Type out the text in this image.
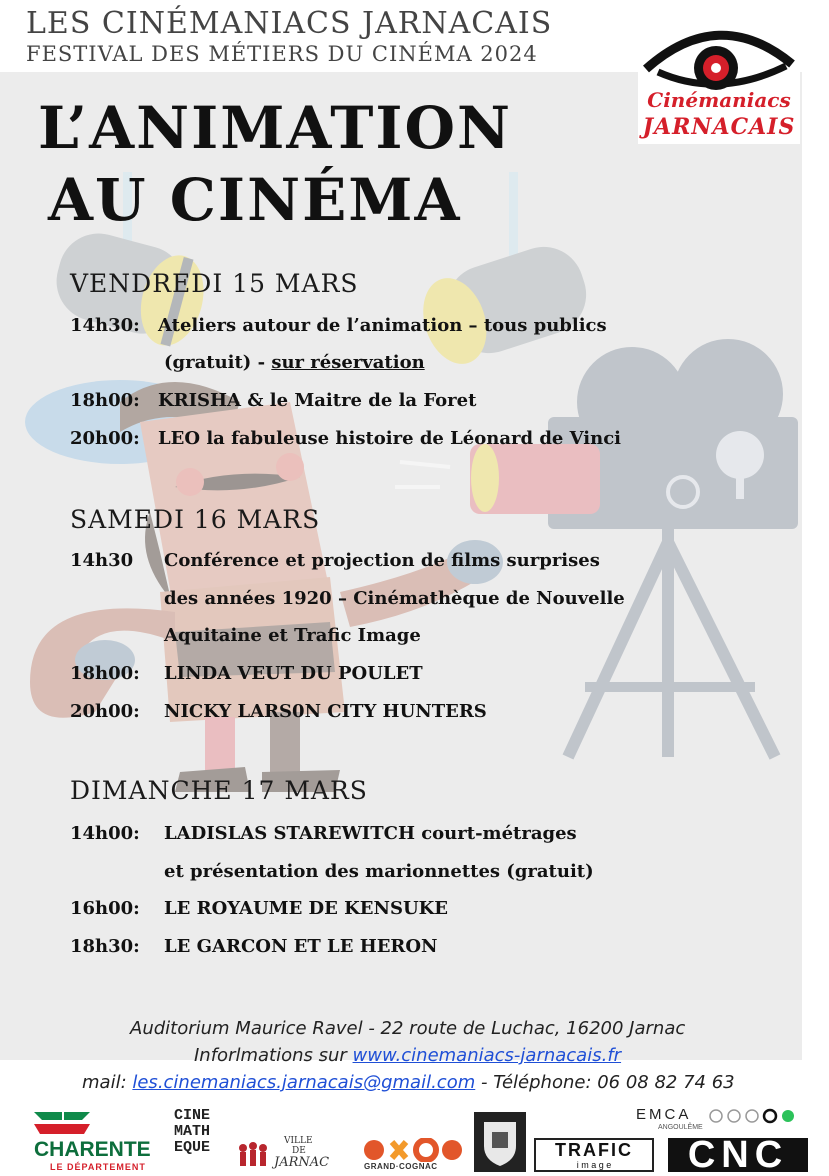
LES CINÉMANIACS JARNACAIS
FESTIVAL DES MÉTIERS DU CINÉMA 2024
Cinémaniacs
JARNACAIS
L’ANIMATION
AU CINÉMA
VENDREDI 15 MARS
14h30: Ateliers autour de l’animation – tous publics
(gratuit) - sur réservation
18h00: KRISHA & le Maitre de la Foret
20h00: LEO la fabuleuse histoire de Léonard de Vinci
SAMEDI 16 MARS
14h30 Conférence et projection de films surprises
des années 1920 – Cinémathèque de Nouvelle
Aquitaine et Trafic Image
18h00: LINDA VEUT DU POULET
20h00: NICKY LARS0N CITY HUNTERS
DIMANCHE 17 MARS
14h00: LADISLAS STAREWITCH court-métrages
et présentation des marionnettes (gratuit)
16h00: LE ROYAUME DE KENSUKE
18h30: LE GARCON ET LE HERON
Auditorium Maurice Ravel - 22 route de Luchac, 16200 Jarnac
Inforlmations sur www.cinemaniacs-jarnacais.fr
mail: les.cinemaniacs.jarnacais@gmail.com - Téléphone: 06 08 82 74 63
CHARENTE
LE DÉPARTEMENT
CINE
MATH
EQUE	VILLE
DE
JARNAC	GRAND·COGNAC
TRAFIC
i m a g e
EMCA
ANGOULÊME
CNC
